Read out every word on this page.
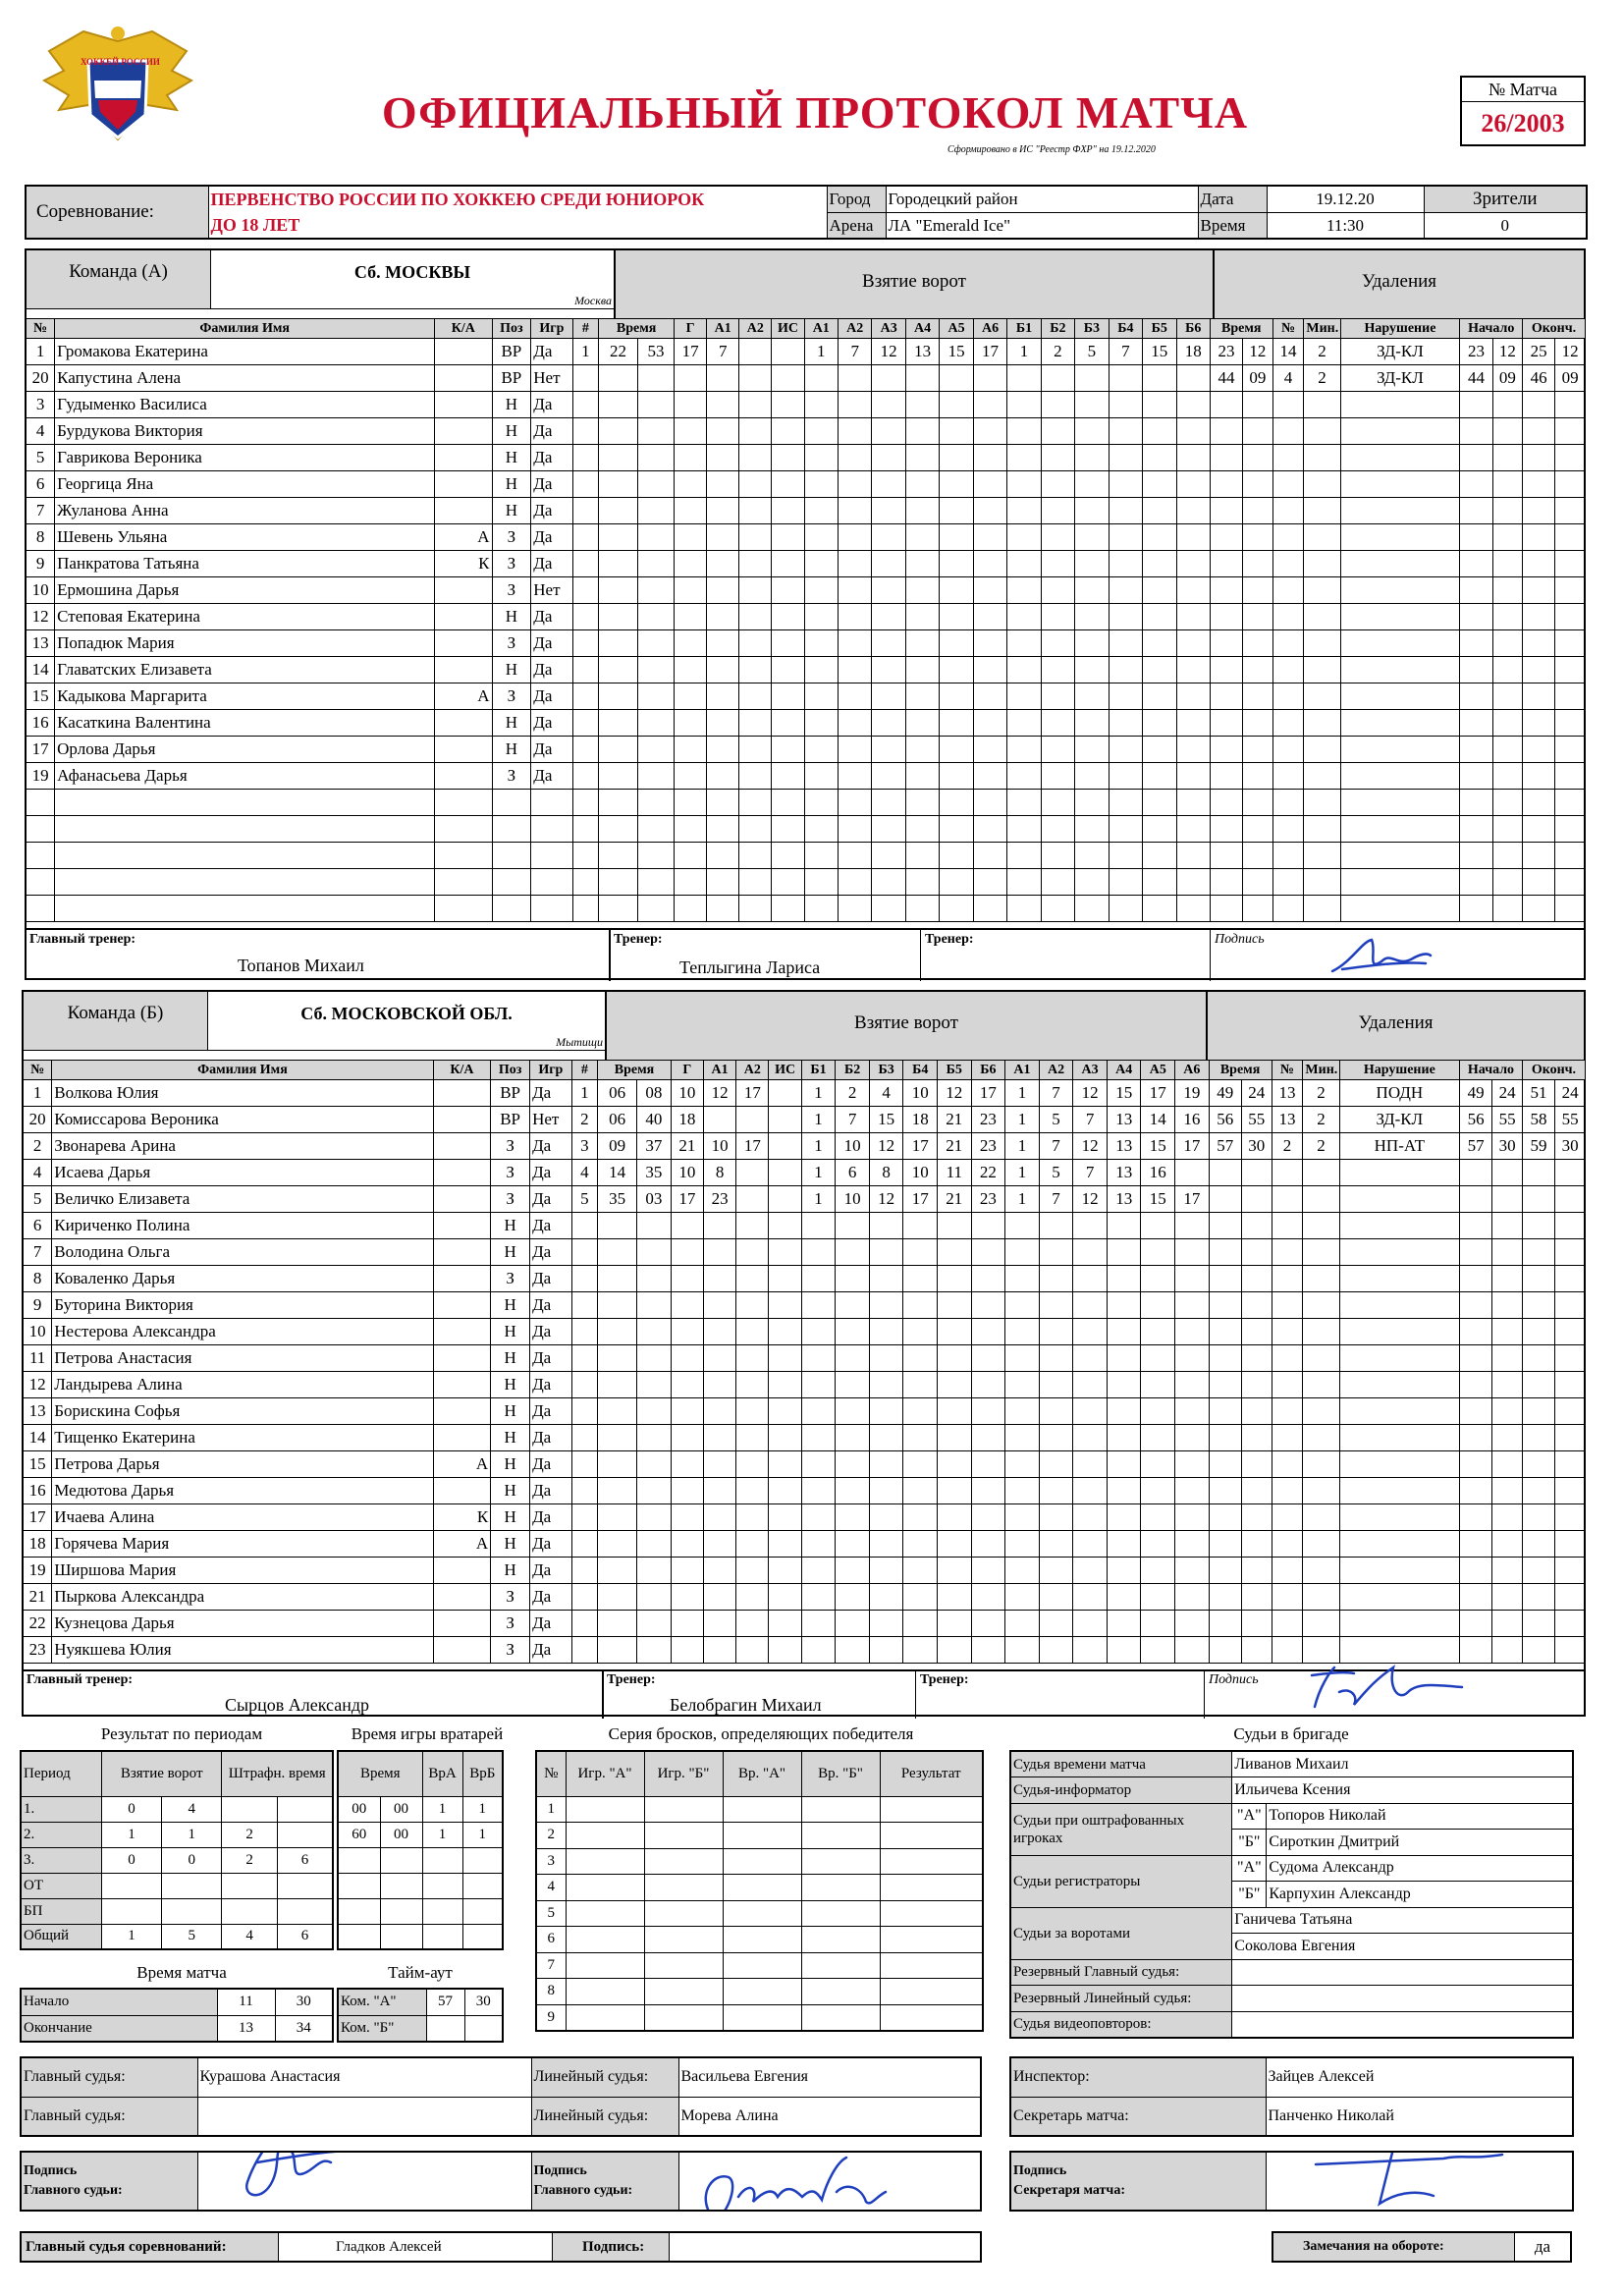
ХОККЕЙ РОССИИ
ОФИЦИАЛЬНЫЙ ПРОТОКОЛ МАТЧА
Сформировано в ИС "Реестр ФХР" на 19.12.2020
№ Матча
26/2003
Соревнование:	ПЕРВЕНСТВО РОССИИ ПО ХОККЕЮ СРЕДИ ЮНИОРОК	Город	Городецкий район	Дата	19.12.20	Зрители
	ДО 18 ЛЕТ	Арена	ЛА "Emerald Ice"	Время	11:30	0
Команда (А)	Сб. МОСКВЫ
Москва
Взятие ворот	Удаления
№	Фамилия Имя	К/А	Поз	Игр	#	Время		Г	А1	А2	ИС	А1	А2	А3	А4	А5	А6	Б1	Б2	Б3	Б4	Б5	Б6	Время		№	Мин.	Нарушение	Начало		Оконч.	
1	Громакова Екатерина		ВР	Да	1	22	53	17	7			1	7	12	13	15	17	1	2	5	7	15	18	23	12	14	2	ЗД-КЛ	23	12	25	12
20	Капустина Алена		ВР	Нет																				44	09	4	2	ЗД-КЛ	44	09	46	09
3	Гудыменко Василиса		Н	Да																												
4	Бурдукова Виктория		Н	Да																												
5	Гаврикова Вероника		Н	Да																												
6	Георгица Яна		Н	Да																												
7	Жуланова Анна		Н	Да																												
8	Шевень Ульяна	А	З	Да																												
9	Панкратова Татьяна	К	З	Да																												
10	Ермошина Дарья		З	Нет																												
12	Степовая Екатерина		Н	Да																												
13	Попадюк Мария		З	Да																												
14	Главатских Елизавета		Н	Да																												
15	Кадыкова Маргарита	А	З	Да																												
16	Касаткина Валентина		Н	Да																												
17	Орлова Дарья		Н	Да																												
19	Афанасьева Дарья		З	Да																												

Главный тренер:
Топанов Михаил
Тренер:
Теплыгина Лариса
Тренер:	Подпись
Команда (Б)	Сб. МОСКОВСКОЙ ОБЛ.
Мытищи
Взятие ворот	Удаления
№	Фамилия Имя	К/А	Поз	Игр	#	Время		Г	А1	А2	ИС	Б1	Б2	Б3	Б4	Б5	Б6	А1	А2	А3	А4	А5	А6	Время		№	Мин.	Нарушение	Начало		Оконч.	
1	Волкова Юлия		ВР	Да	1	06	08	10	12	17		1	2	4	10	12	17	1	7	12	15	17	19	49	24	13	2	ПОДН	49	24	51	24
20	Комиссарова Вероника		ВР	Нет	2	06	40	18				1	7	15	18	21	23	1	5	7	13	14	16	56	55	13	2	ЗД-КЛ	56	55	58	55
2	Звонарева Арина		З	Да	3	09	37	21	10	17		1	10	12	17	21	23	1	7	12	13	15	17	57	30	2	2	НП-АТ	57	30	59	30
4	Исаева Дарья		З	Да	4	14	35	10	8			1	6	8	10	11	22	1	5	7	13	16										
5	Величко Елизавета		З	Да	5	35	03	17	23			1	10	12	17	21	23	1	7	12	13	15	17									
6	Кириченко Полина		Н	Да																												
7	Володина Ольга		Н	Да																												
8	Коваленко Дарья		З	Да																												
9	Буторина Виктория		Н	Да																												
10	Нестерова Александра		Н	Да																												
11	Петрова Анастасия		Н	Да																												
12	Ландырева Алина		Н	Да																												
13	Борискина Софья		Н	Да																												
14	Тищенко Екатерина		Н	Да																												
15	Петрова Дарья	А	Н	Да																												
16	Медютова Дарья		Н	Да																												
17	Ичаева Алина	К	Н	Да																												
18	Горячева Мария	А	Н	Да																												
19	Ширшова Мария		Н	Да																												
21	Пыркова Александра		З	Да																												
22	Кузнецова Дарья		З	Да																												
23	Нуякшева Юлия		З	Да																												
Главный тренер:
Сырцов Александр
Тренер:
Белобрагин Михаил
Тренер:	Подпись
Результат по периодам
Период	Взятие ворот		Штрафн. время	
1.	0	4		
2.	1	1	2	
3.	0	0	2	6
ОТ				
БП				
Общий	1	5	4	6
Время матча
Начало	11	30
Окончание	13	34
Время игры вратарей
Время		ВрА	ВрБ
00	00	1	1
60	00	1	1

Тайм-аут
Ком. "А"	57	30
Ком. "Б"		
Серия бросков, определяющих победителя
№	Игр. "А"	Игр. "Б"	Вр. "А"	Вр. "Б"	Результат
1					
2					
3					
4					
5					
6					
7					
8					
9					
Судьи в бригаде
Судья времени матча	Ливанов Михаил	
Судья-информатор	Ильичева Ксения	
Судьи при оштрафованных игроках	"А"	Топоров Николай
	"Б"	Сироткин Дмитрий
Судьи регистраторы	"А"	Судома Александр
	"Б"	Карпухин Александр
Судьи за воротами	Ганичева Татьяна	
	Соколова Евгения	
Резервный Главный судья:		
Резервный Линейный судья:		
Судья видеоповторов:		
Главный судья:	Курашова Анастасия	Линейный судья:	Васильева Евгения
Главный судья:		Линейный судья:	Морева Алина
Инспектор:	Зайцев Алексей
Секретарь матча:	Панченко Николай
Подпись
Главного судьи:

Подпись
Главного судьи:

Подпись
Секретаря матча:

Главный судья соревнований:	Гладков Алексей	Подпись:	Замечания на обороте:	да
